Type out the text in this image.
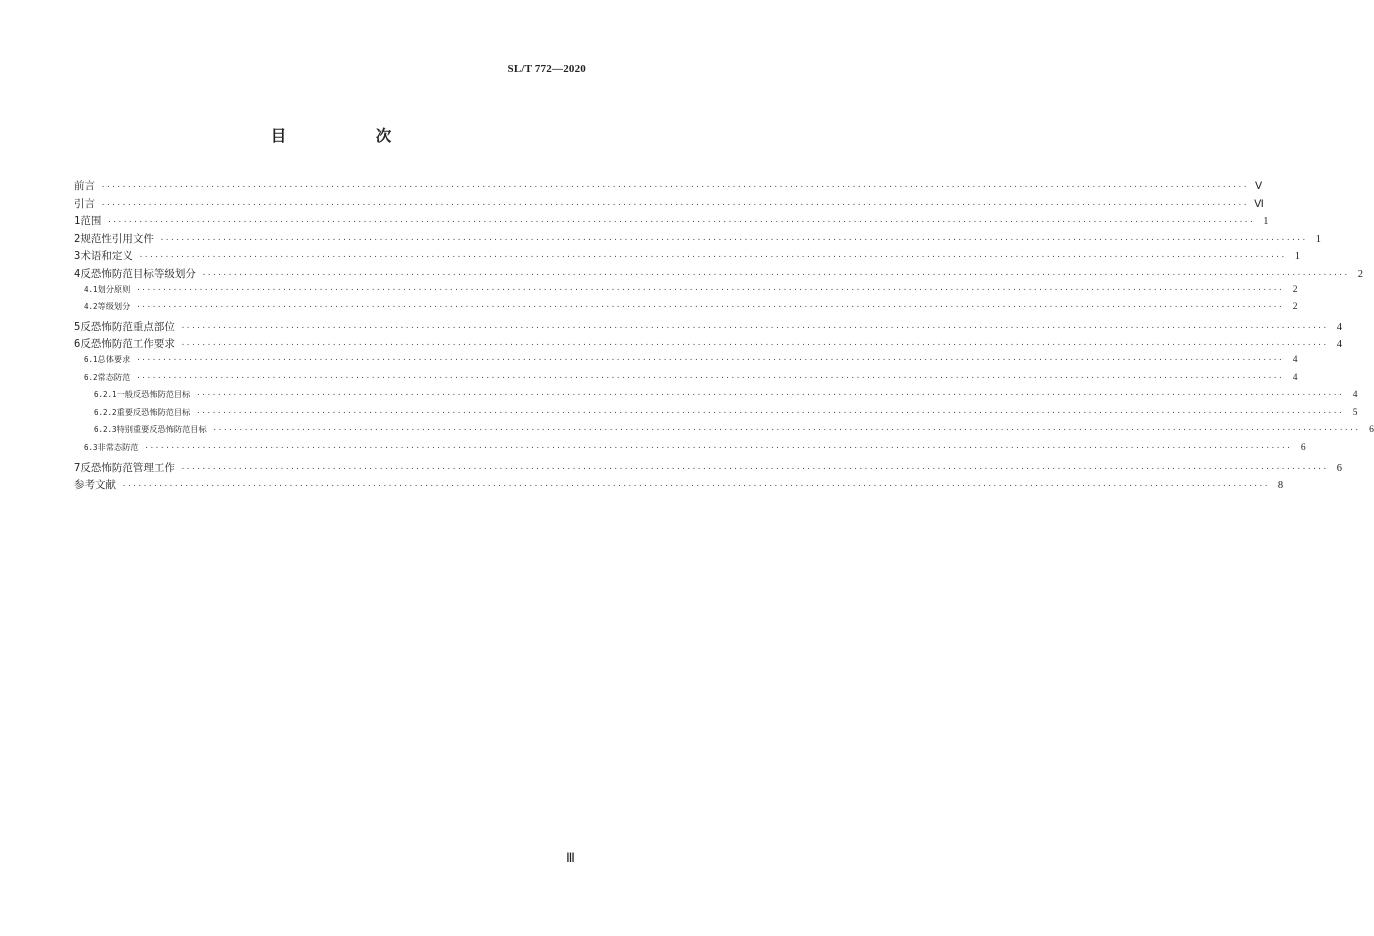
SL/T 772—2020
目 次
前言 ···························································································································································································································· Ⅴ
引言 ···························································································································································································································· Ⅵ
1 范围 ···························································································································································································································· 1
2 规范性引用文件 ···························································································································································································································· 1
3 术语和定义 ···························································································································································································································· 1
4 反恐怖防范目标等级划分 ···························································································································································································································· 2
4.1 划分原则 ···························································································································································································································· 2
4.2 等级划分 ···························································································································································································································· 2
5 反恐怖防范重点部位 ···························································································································································································································· 4
6 反恐怖防范工作要求 ···························································································································································································································· 4
6.1 总体要求 ···························································································································································································································· 4
6.2 常态防范 ···························································································································································································································· 4
6.2.1 一般反恐怖防范目标 ···························································································································································································································· 4
6.2.2 重要反恐怖防范目标 ···························································································································································································································· 5
6.2.3 特别重要反恐怖防范目标 ···························································································································································································································· 6
6.3 非常态防范 ···························································································································································································································· 6
7 反恐怖防范管理工作 ···························································································································································································································· 6
参考文献 ···························································································································································································································· 8
Ⅲ
